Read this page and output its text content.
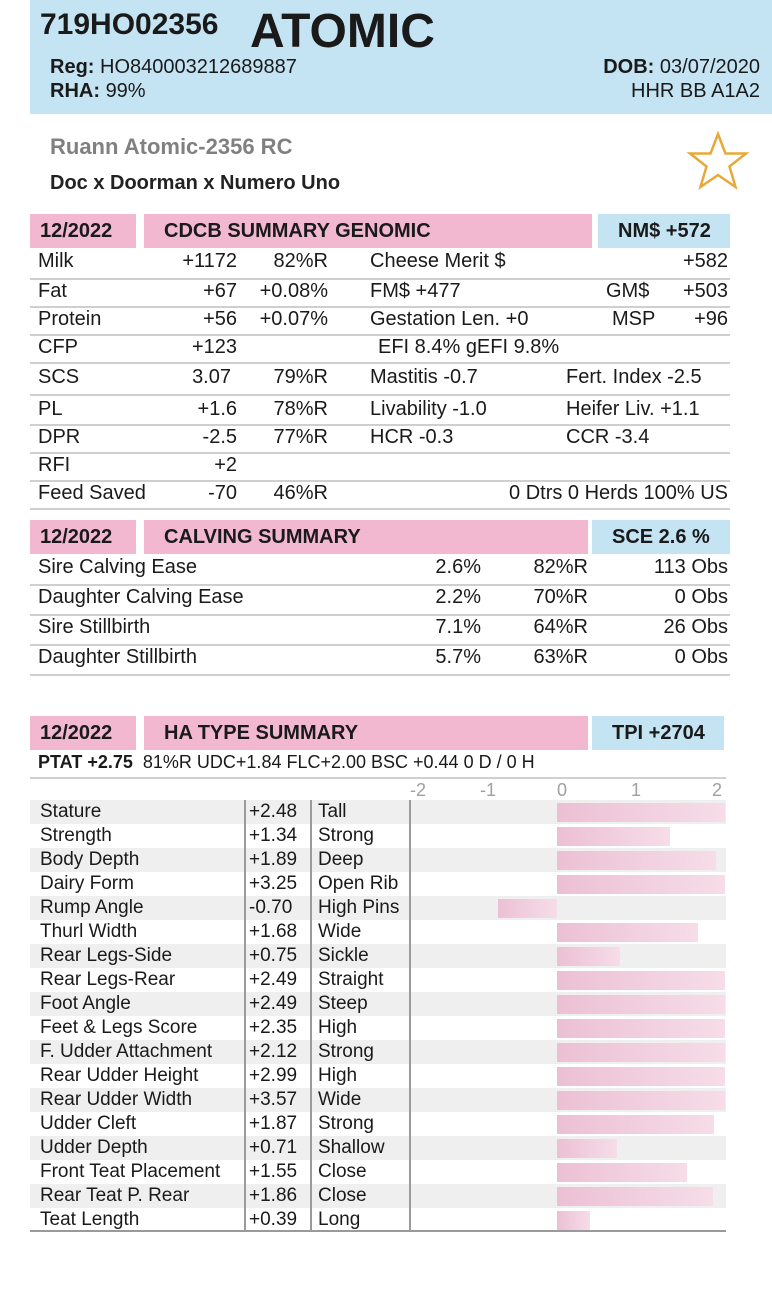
719HO02356 ATOMIC
Reg: HO840003212689887
RHA: 99%
DOB: 03/07/2020
HHR BB A1A2
Ruann Atomic-2356 RC
Doc x Doorman x Numero Uno
12/2022	CDCB SUMMARY GENOMIC	NM$ +572
Milk	+1172 82%R Cheese Merit $	+582
Fat	+67 +0.08% FM$ +477	GM$ +503
Protein	+56 +0.07% Gestation Len. +0	MSP +96
CFP	+123	EFI 8.4% gEFI 9.8%
SCS	3.07 79%R Mastitis -0.7	Fert. Index -2.5
PL	+1.6 78%R Livability -1.0	Heifer Liv. +1.1
DPR	-2.5 77%R HCR -0.3	CCR -3.4
RFI	+2
Feed Saved	-70 46%R	0 Dtrs 0 Herds 100% US
12/2022	CALVING SUMMARY	SCE 2.6 %
Sire Calving Ease	2.6%	82%R	113 Obs
Daughter Calving Ease	2.2%	70%R	0 Obs
Sire Stillbirth	7.1%	64%R	26 Obs
Daughter Stillbirth	5.7%	63%R	0 Obs
12/2022	HA TYPE SUMMARY	TPI +2704
PTAT +2.75 81%R UDC+1.84 FLC+2.00 BSC +0.44 0 D / 0 H
-2	-1	0	1	2
Stature	+2.48 Tall
Strength	+1.34 Strong
Body Depth	+1.89 Deep
Dairy Form	+3.25 Open Rib
Rump Angle	-0.70 High Pins
Thurl Width	+1.68 Wide
Rear Legs-Side	+0.75 Sickle
Rear Legs-Rear	+2.49 Straight
Foot Angle	+2.49 Steep
Feet & Legs Score	+2.35 High
F. Udder Attachment +2.12 Strong
Rear Udder Height	+2.99 High
Rear Udder Width	+3.57 Wide
Udder Cleft	+1.87 Strong
Udder Depth	+0.71 Shallow
Front Teat Placement +1.55 Close
Rear Teat P. Rear	+1.86 Close
Teat Length	+0.39 Long
